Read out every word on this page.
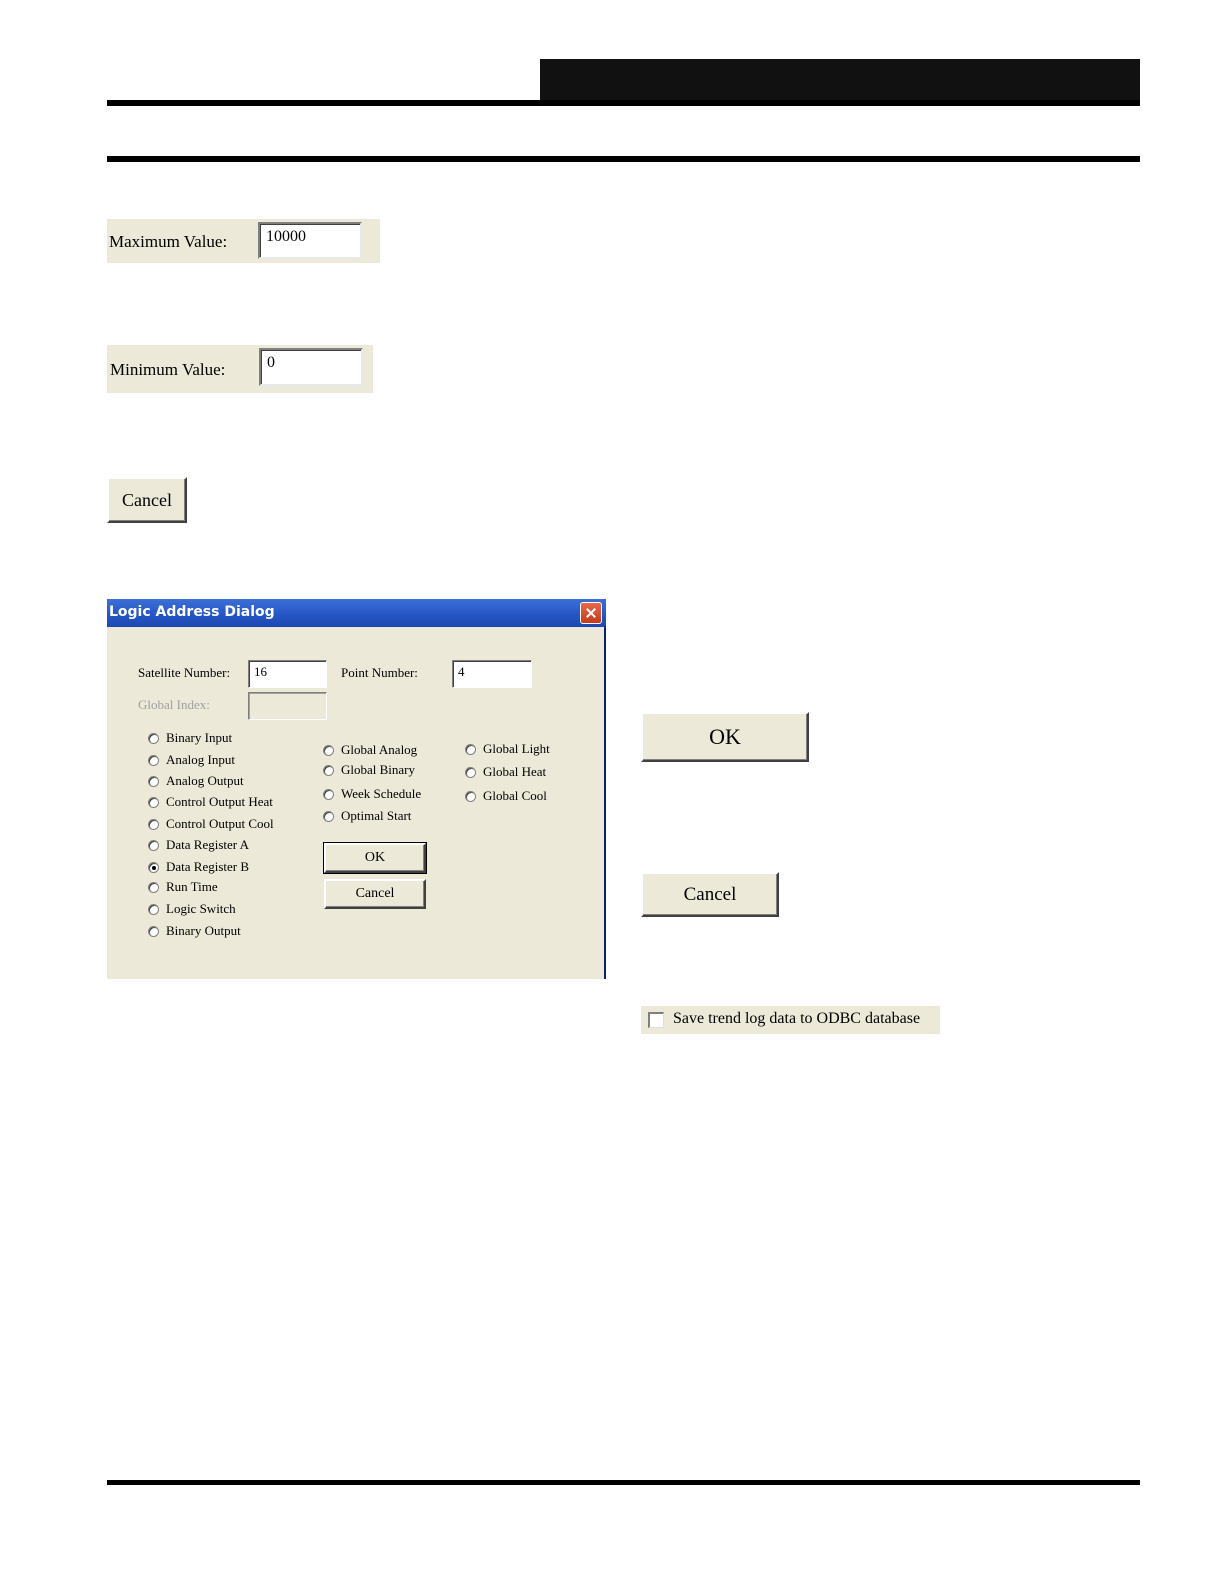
Maximum Value:	10000
Minimum Value:	0
Cancel
Logic Address Dialog
Satellite Number:	16	Point Number:	4
Global Index:
Binary Input
Analog Input
Analog Output
Control Output Heat
Control Output Cool
Data Register A
Data Register B
Run Time
Logic Switch
Binary Output
Global Analog
Global Binary
Week Schedule
Optimal Start
Global Light
Global Heat
Global Cool
OK
Cancel
OK
Cancel
Save trend log data to ODBC database
